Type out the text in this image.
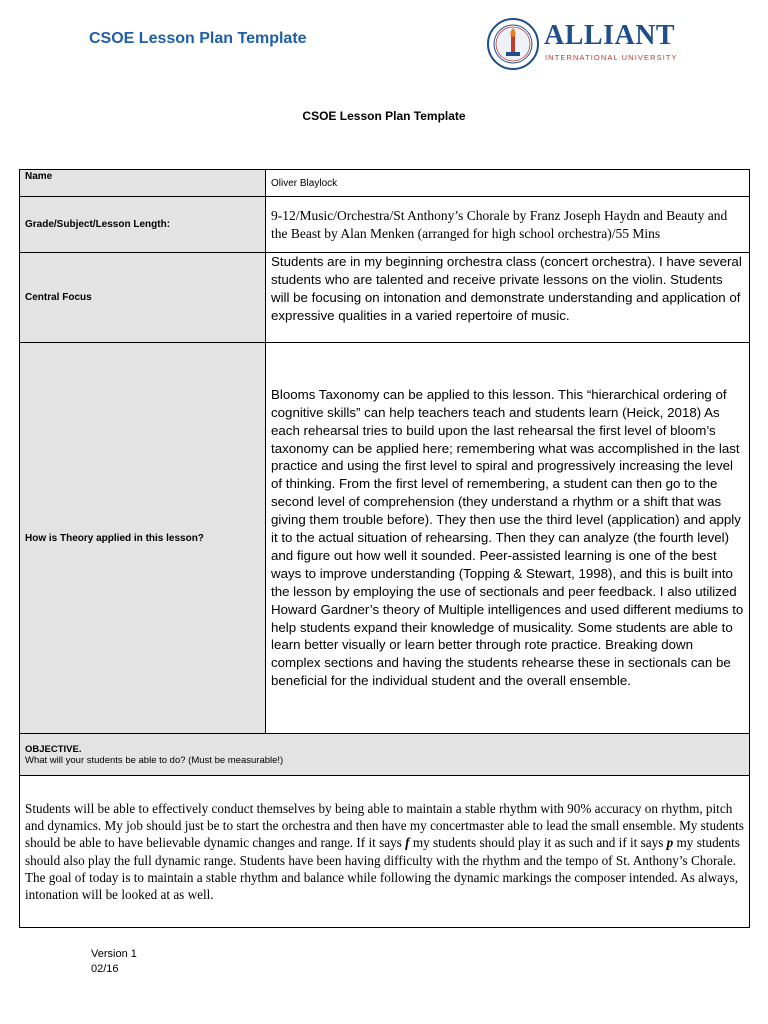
CSOE Lesson Plan Template	ALLIANT
INTERNATIONAL UNIVERSITY
CSOE Lesson Plan Template
Name	Oliver Blaylock
Grade/Subject/Lesson Length:	9-12/Music/Orchestra/St Anthony’s Chorale by Franz Joseph Haydn and Beauty and the Beast by Alan Menken (arranged for high school orchestra)/55 Mins
Central Focus	Students are in my beginning orchestra class (concert orchestra). I have several students who are talented and receive private lessons on the violin. Students will be focusing on intonation and demonstrate understanding and application of expressive qualities in a varied repertoire of music.
How is Theory applied in this lesson?	Blooms Taxonomy can be applied to this lesson. This “hierarchical ordering of cognitive skills” can help teachers teach and students learn (Heick, 2018) As each rehearsal tries to build upon the last rehearsal the first level of bloom’s taxonomy can be applied here; remembering what was accomplished in the last practice and using the first level to spiral and progressively increasing the level of thinking. From the first level of remembering, a student can then go to the second level of comprehension (they understand a rhythm or a shift that was giving them trouble before). They then use the third level (application) and apply it to the actual situation of rehearsing. Then they can analyze (the fourth level) and figure out how well it sounded. Peer-assisted learning is one of the best ways to improve understanding (Topping & Stewart, 1998), and this is built into the lesson by employing the use of sectionals and peer feedback. I also utilized Howard Gardner’s theory of Multiple intelligences and used different mediums to help students expand their knowledge of musicality. Some students are able to learn better visually or learn better through rote practice. Breaking down complex sections and having the students rehearse these in sectionals can be beneficial for the individual student and the overall ensemble.

OBJECTIVE.
What will your students be able to do? (Must be measurable!)	

Students will be able to effectively conduct themselves by being able to maintain a stable rhythm with 90% accuracy on rhythm, pitch and dynamics. My job should just be to start the orchestra and then have my concertmaster able to lead the small ensemble. My students should be able to have believable dynamic changes and range. If it says f my students should play it as such and if it says p my students should also play the full dynamic range. Students have been having difficulty with the rhythm and the tempo of St. Anthony’s Chorale. The goal of today is to maintain a stable rhythm and balance while following the dynamic markings the composer intended. As always, intonation will be looked at as well.	
Version 1
02/16
